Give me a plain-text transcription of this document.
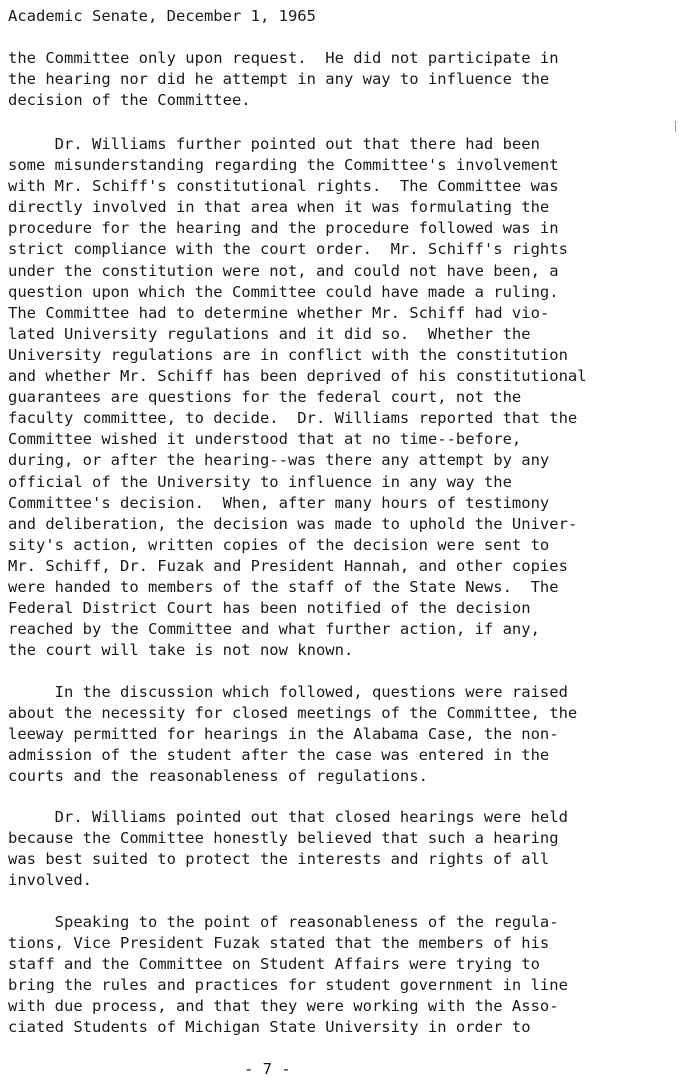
Academic Senate, December 1, 1965
the Committee only upon request.  He did not participate in
the hearing nor did he attempt in any way to influence the
decision of the Committee.
Dr. Williams further pointed out that there had been
some misunderstanding regarding the Committee's involvement
with Mr. Schiff's constitutional rights.  The Committee was
directly involved in that area when it was formulating the
procedure for the hearing and the procedure followed was in
strict compliance with the court order.  Mr. Schiff's rights
under the constitution were not, and could not have been, a
question upon which the Committee could have made a ruling.
The Committee had to determine whether Mr. Schiff had vio-
lated University regulations and it did so.  Whether the
University regulations are in conflict with the constitution
and whether Mr. Schiff has been deprived of his constitutional
guarantees are questions for the federal court, not the
faculty committee, to decide.  Dr. Williams reported that the
Committee wished it understood that at no time--before,
during, or after the hearing--was there any attempt by any
official of the University to influence in any way the
Committee's decision.  When, after many hours of testimony
and deliberation, the decision was made to uphold the Univer-
sity's action, written copies of the decision were sent to
Mr. Schiff, Dr. Fuzak and President Hannah, and other copies
were handed to members of the staff of the State News.  The
Federal District Court has been notified of the decision
reached by the Committee and what further action, if any,
the court will take is not now known.
In the discussion which followed, questions were raised
about the necessity for closed meetings of the Committee, the
leeway permitted for hearings in the Alabama Case, the non-
admission of the student after the case was entered in the
courts and the reasonableness of regulations.
Dr. Williams pointed out that closed hearings were held
because the Committee honestly believed that such a hearing
was best suited to protect the interests and rights of all
involved.
Speaking to the point of reasonableness of the regula-
tions, Vice President Fuzak stated that the members of his
staff and the Committee on Student Affairs were trying to
bring the rules and practices for student government in line
with due process, and that they were working with the Asso-
ciated Students of Michigan State University in order to
- 7 -
